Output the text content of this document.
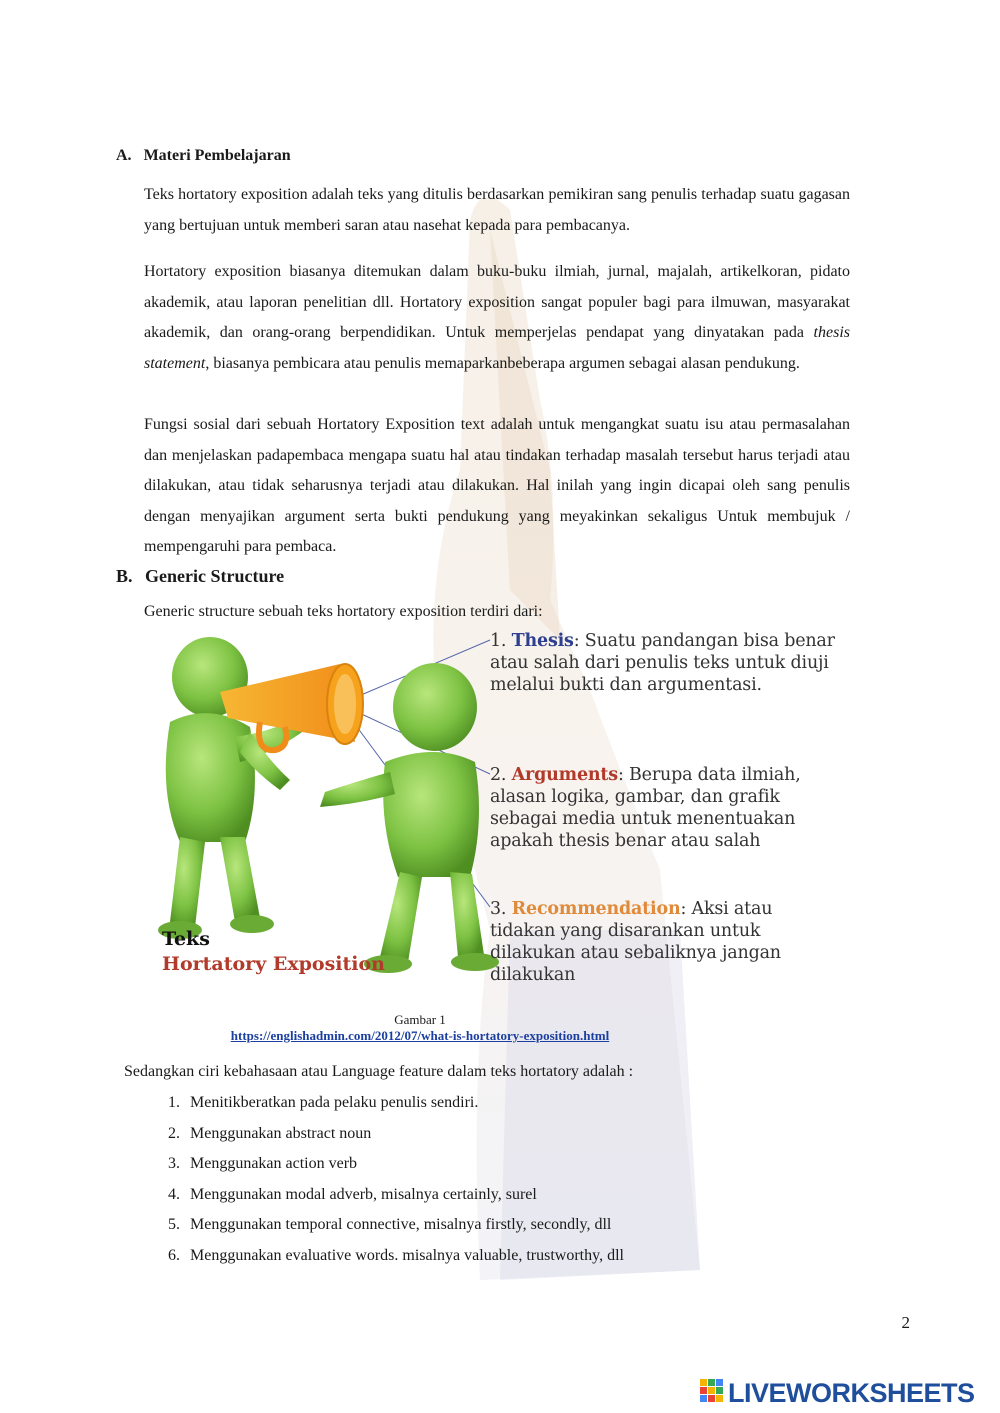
A. Materi Pembelajaran

Teks hortatory exposition adalah teks yang ditulis berdasarkan pemikiran sang penulis terhadap suatu gagasan yang bertujuan untuk memberi saran atau nasehat kepada para pembacanya.

Hortatory exposition biasanya ditemukan dalam buku-buku ilmiah, jurnal, majalah, artikelkoran, pidato akademik, atau laporan penelitian dll. Hortatory exposition sangat populer bagi para ilmuwan, masyarakat akademik, dan orang-orang berpendidikan. Untuk memperjelas pendapat yang dinyatakan pada thesis statement, biasanya pembicara atau penulis memaparkanbeberapa argumen sebagai alasan pendukung.

Fungsi sosial dari sebuah Hortatory Exposition text adalah untuk mengangkat suatu isu atau permasalahan dan menjelaskan padapembaca mengapa suatu hal atau tindakan terhadap masalah tersebut harus terjadi atau dilakukan, atau tidak seharusnya terjadi atau dilakukan. Hal inilah yang ingin dicapai oleh sang penulis dengan menyajikan argument serta bukti pendukung yang meyakinkan sekaligus Untuk membujuk / mempengaruhi para pembaca.

B. Generic Structure

Generic structure sebuah teks hortatory exposition terdiri dari:

Teks
Hortatory Exposition

1. Thesis: Suatu pandangan bisa benar atau salah dari penulis teks untuk diuji melalui bukti dan argumentasi.

2. Arguments: Berupa data ilmiah, alasan logika, gambar, dan grafik sebagai media untuk menentuakan apakah thesis benar atau salah

3. Recommendation: Aksi atau tidakan yang disarankan untuk dilakukan atau sebaliknya jangan dilakukan

Gambar 1
https://englishadmin.com/2012/07/what-is-hortatory-exposition.html

Sedangkan ciri kebahasaan atau Language feature dalam teks hortatory adalah :

1. Menitikberatkan pada pelaku penulis sendiri.
2. Menggunakan abstract noun
3. Menggunakan action verb
4. Menggunakan modal adverb, misalnya certainly, surel
5. Menggunakan temporal connective, misalnya firstly, secondly, dll
6. Menggunakan evaluative words. misalnya valuable, trustworthy, dll
2
LIVEWORKSHEETS
